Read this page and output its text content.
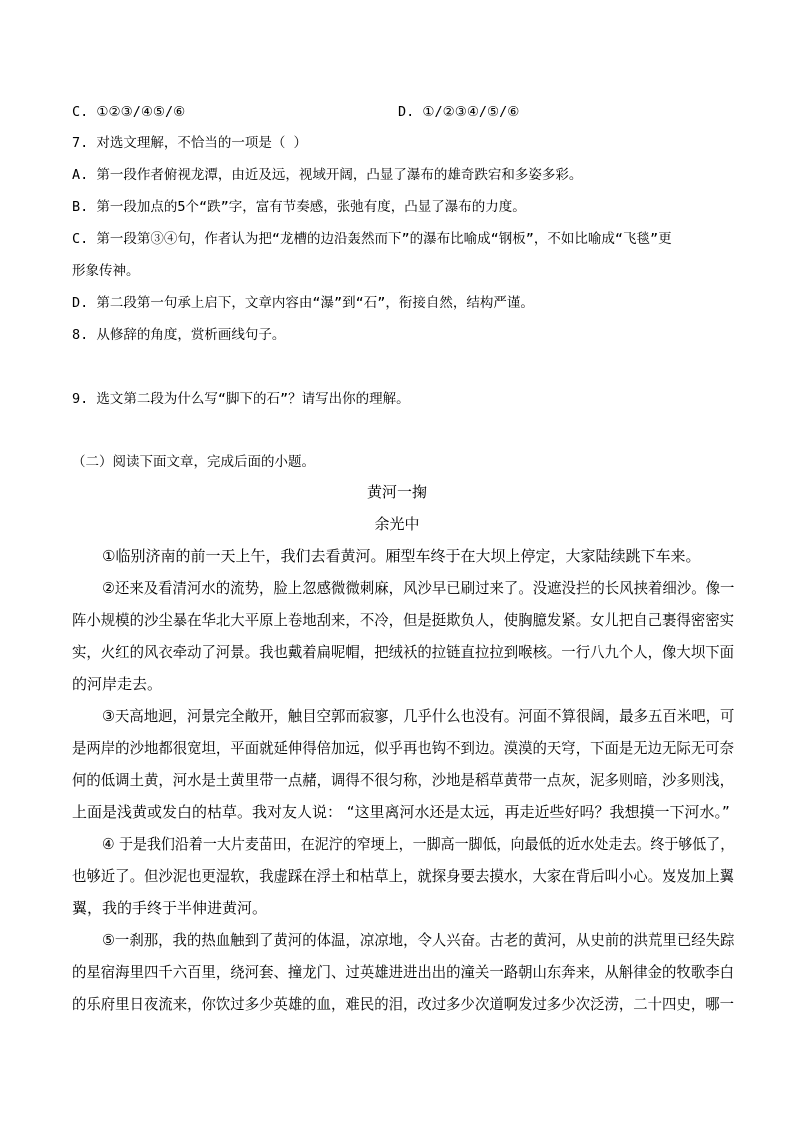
C. ①②③/④⑤/⑥	D. ①/②③④/⑤/⑥
7. 对选文理解，不恰当的一项是（ ）
A. 第一段作者俯视龙潭，由近及远，视域开阔，凸显了瀑布的雄奇跌宕和多姿多彩。
B. 第一段加点的5个“跌”字，富有节奏感，张弛有度，凸显了瀑布的力度。
C. 第一段第③④句，作者认为把“龙槽的边沿轰然而下”的瀑布比喻成“钢板”，不如比喻成“飞毯”更
形象传神。
D. 第二段第一句承上启下，文章内容由“瀑”到“石”，衔接自然，结构严谨。
8. 从修辞的角度，赏析画线句子。
9. 选文第二段为什么写“脚下的石”？请写出你的理解。
（二）阅读下面文章，完成后面的小题。
黄河一掬
余光中
①临别济南的前一天上午，我们去看黄河。厢型车终于在大坝上停定，大家陆续跳下车来。
②还来及看清河水的流势，脸上忽感微微刺麻，风沙早已刷过来了。没遮没拦的长风挟着细沙。像一
阵小规模的沙尘暴在华北大平原上卷地刮来，不冷，但是挺欺负人，使胸臆发紧。女儿把自己裹得密密实
实，火红的风衣牵动了河景。我也戴着扁呢帽，把绒袄的拉链直拉拉到喉核。一行八九个人，像大坝下面
的河岸走去。
③天高地迥，河景完全敞开，触目空郭而寂寥，几乎什么也没有。河面不算很阔，最多五百米吧，可
是两岸的沙地都很宽坦，平面就延伸得倍加远，似乎再也钩不到边。漠漠的天穹，下面是无边无际无可奈
何的低调土黄，河水是土黄里带一点赭，调得不很匀称，沙地是稻草黄带一点灰，泥多则暗，沙多则浅，
上面是浅黄或发白的枯草。我对友人说： “这里离河水还是太远，再走近些好吗？我想摸一下河水。”
④ 于是我们沿着一大片麦苗田，在泥泞的窄埂上，一脚高一脚低，向最低的近水处走去。终于够低了，
也够近了。但沙泥也更湿软，我虚踩在浮土和枯草上，就探身要去摸水，大家在背后叫小心。岌岌加上翼
翼，我的手终于半伸进黄河。
⑤一刹那，我的热血触到了黄河的体温，凉凉地，令人兴奋。古老的黄河，从史前的洪荒里已经失踪
的星宿海里四千六百里，绕河套、撞龙门、过英雄进进出出的潼关一路朝山东奔来，从斛律金的牧歌李白
的乐府里日夜流来，你饮过多少英雄的血，难民的泪，改过多少次道啊发过多少次泛涝，二十四史，哪一
